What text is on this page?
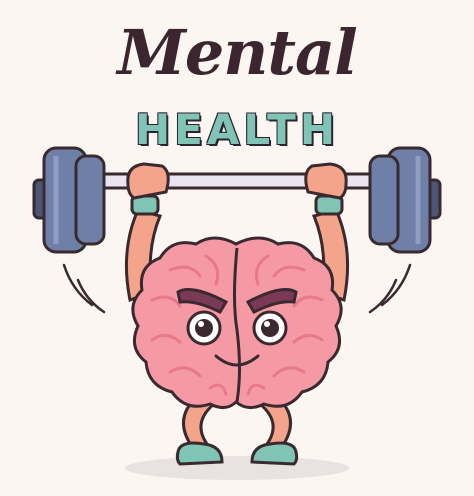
Mental
HEALTH
